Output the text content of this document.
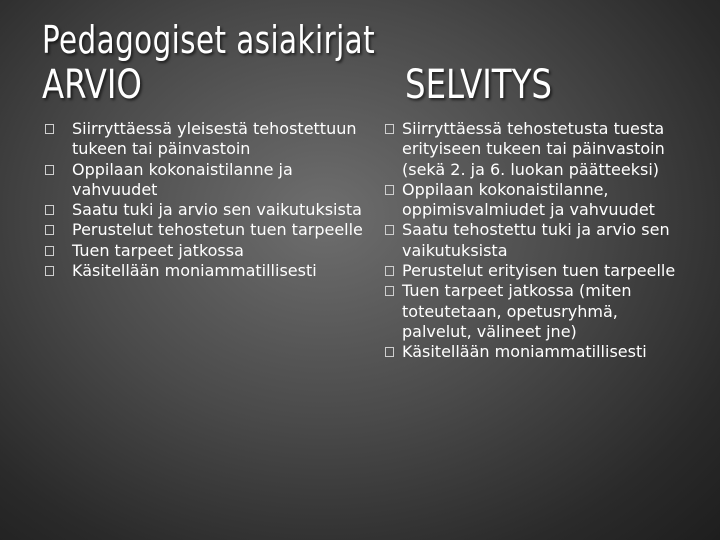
Pedagogiset asiakirjat
ARVIO	SELVITYS
Siirryttäessä yleisestä tehostettuun tukeen tai päinvastoin
Oppilaan kokonaistilanne ja vahvuudet
Saatu tuki ja arvio sen vaikutuksista
Perustelut tehostetun tuen tarpeelle
Tuen tarpeet jatkossa
Käsitellään moniammatillisesti
Siirryttäessä tehostetusta tuesta erityiseen tukeen tai päinvastoin (sekä 2. ja 6. luokan päätteeksi)
Oppilaan kokonaistilanne, oppimisvalmiudet ja vahvuudet
Saatu tehostettu tuki ja arvio sen vaikutuksista
Perustelut erityisen tuen tarpeelle
Tuen tarpeet jatkossa (miten toteutetaan, opetusryhmä, palvelut, välineet jne)
Käsitellään moniammatillisesti
